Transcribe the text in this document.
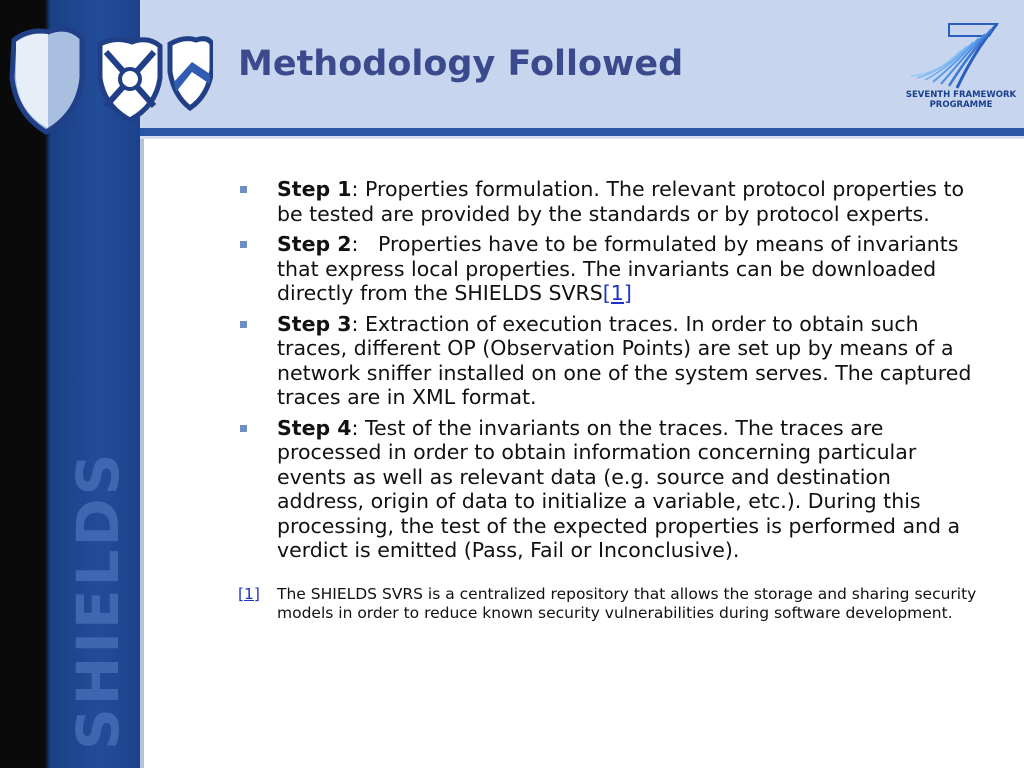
Methodology Followed
SEVENTH FRAMEWORK
PROGRAMME
SHIELDS
Step 1: Properties formulation. The relevant protocol properties to be tested are provided by the standards or by protocol experts.
Step 2:   Properties have to be formulated by means of invariants that express local properties. The invariants can be downloaded directly from the SHIELDS SVRS[1]
Step 3: Extraction of execution traces. In order to obtain such traces, different OP (Observation Points) are set up by means of a network sniffer installed on one of the system serves. The captured traces are in XML format.
Step 4: Test of the invariants on the traces. The traces are processed in order to obtain information concerning particular events as well as relevant data (e.g. source and destination address, origin of data to initialize a variable, etc.). During this processing, the test of the expected properties is performed and a verdict is emitted (Pass, Fail or Inconclusive).
[1] The SHIELDS SVRS is a centralized repository that allows the storage and sharing security models in order to reduce known security vulnerabilities during software development.
